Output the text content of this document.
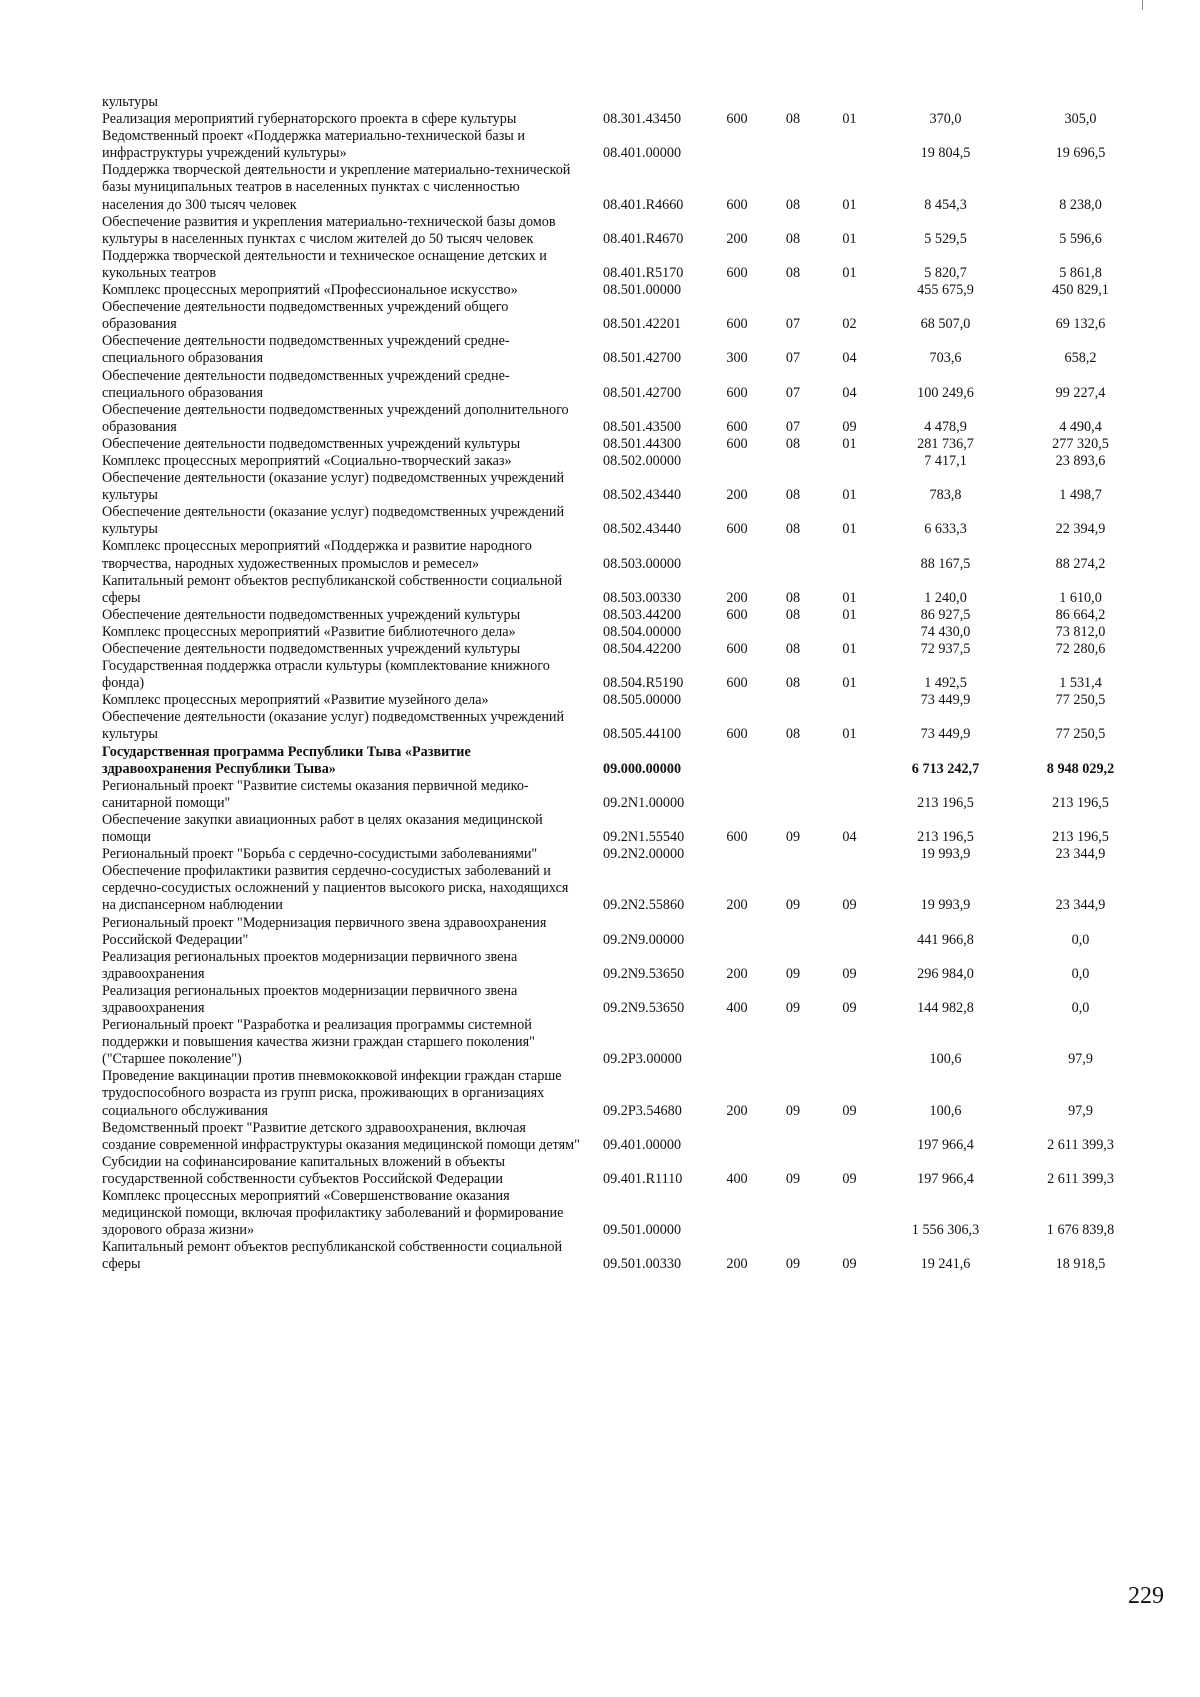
культуры						
Реализация мероприятий губернаторского проекта в сфере культуры	08.301.43450	600	08	01	370,0	305,0
Ведомственный проект «Поддержка материально-технической базы и инфраструктуры учреждений культуры»	08.401.00000				19 804,5	19 696,5
Поддержка творческой деятельности и укрепление материально-технической базы муниципальных театров в населенных пунктах с численностью населения до 300 тысяч человек	08.401.R4660	600	08	01	8 454,3	8 238,0
Обеспечение развития и укрепления материально-технической базы домов культуры в населенных пунктах с числом жителей до 50 тысяч человек	08.401.R4670	200	08	01	5 529,5	5 596,6
Поддержка творческой деятельности и техническое оснащение детских и кукольных театров	08.401.R5170	600	08	01	5 820,7	5 861,8
Комплекс процессных мероприятий «Профессиональное искусство»	08.501.00000				455 675,9	450 829,1
Обеспечение деятельности подведомственных учреждений общего образования	08.501.42201	600	07	02	68 507,0	69 132,6
Обеспечение деятельности подведомственных учреждений средне-специального образования	08.501.42700	300	07	04	703,6	658,2
Обеспечение деятельности подведомственных учреждений средне-специального образования	08.501.42700	600	07	04	100 249,6	99 227,4
Обеспечение деятельности подведомственных учреждений дополнительного образования	08.501.43500	600	07	09	4 478,9	4 490,4
Обеспечение деятельности подведомственных учреждений культуры	08.501.44300	600	08	01	281 736,7	277 320,5
Комплекс процессных мероприятий «Социально-творческий заказ»	08.502.00000				7 417,1	23 893,6
Обеспечение деятельности (оказание услуг) подведомственных учреждений культуры	08.502.43440	200	08	01	783,8	1 498,7
Обеспечение деятельности (оказание услуг) подведомственных учреждений культуры	08.502.43440	600	08	01	6 633,3	22 394,9
Комплекс процессных мероприятий «Поддержка и развитие народного творчества, народных художественных промыслов и ремесел»	08.503.00000				88 167,5	88 274,2
Капитальный ремонт объектов республиканской собственности социальной сферы	08.503.00330	200	08	01	1 240,0	1 610,0
Обеспечение деятельности подведомственных учреждений культуры	08.503.44200	600	08	01	86 927,5	86 664,2
Комплекс процессных мероприятий «Развитие библиотечного дела»	08.504.00000				74 430,0	73 812,0
Обеспечение деятельности подведомственных учреждений культуры	08.504.42200	600	08	01	72 937,5	72 280,6
Государственная поддержка отрасли культуры (комплектование книжного фонда)	08.504.R5190	600	08	01	1 492,5	1 531,4
Комплекс процессных мероприятий «Развитие музейного дела»	08.505.00000				73 449,9	77 250,5
Обеспечение деятельности (оказание услуг) подведомственных учреждений культуры	08.505.44100	600	08	01	73 449,9	77 250,5
Государственная программа Республики Тыва «Развитие здравоохранения Республики Тыва»	09.000.00000				6 713 242,7	8 948 029,2
Региональный проект "Развитие системы оказания первичной медико-санитарной помощи"	09.2N1.00000				213 196,5	213 196,5
Обеспечение закупки авиационных работ в целях оказания медицинской помощи	09.2N1.55540	600	09	04	213 196,5	213 196,5
Региональный проект "Борьба с сердечно-сосудистыми заболеваниями"	09.2N2.00000				19 993,9	23 344,9
Обеспечение профилактики развития сердечно-сосудистых заболеваний и сердечно-сосудистых осложнений у пациентов высокого риска, находящихся на диспансерном наблюдении	09.2N2.55860	200	09	09	19 993,9	23 344,9
Региональный проект "Модернизация первичного звена здравоохранения Российской Федерации"	09.2N9.00000				441 966,8	0,0
Реализация региональных проектов модернизации первичного звена здравоохранения	09.2N9.53650	200	09	09	296 984,0	0,0
Реализация региональных проектов модернизации первичного звена здравоохранения	09.2N9.53650	400	09	09	144 982,8	0,0
Региональный проект "Разработка и реализация программы системной поддержки и повышения качества жизни граждан старшего поколения" ("Старшее поколение")	09.2P3.00000				100,6	97,9
Проведение вакцинации против пневмококковой инфекции граждан старше трудоспособного возраста из групп риска, проживающих в организациях социального обслуживания	09.2P3.54680	200	09	09	100,6	97,9
Ведомственный проект "Развитие детского здравоохранения, включая создание современной инфраструктуры оказания медицинской помощи детям"	09.401.00000				197 966,4	2 611 399,3
Субсидии на софинансирование капитальных вложений в объекты государственной собственности субъектов Российской Федерации	09.401.R1110	400	09	09	197 966,4	2 611 399,3
Комплекс процессных мероприятий «Совершенствование оказания медицинской помощи, включая профилактику заболеваний и формирование здорового образа жизни»	09.501.00000				1 556 306,3	1 676 839,8
Капитальный ремонт объектов республиканской собственности социальной сферы	09.501.00330	200	09	09	19 241,6	18 918,5
229
